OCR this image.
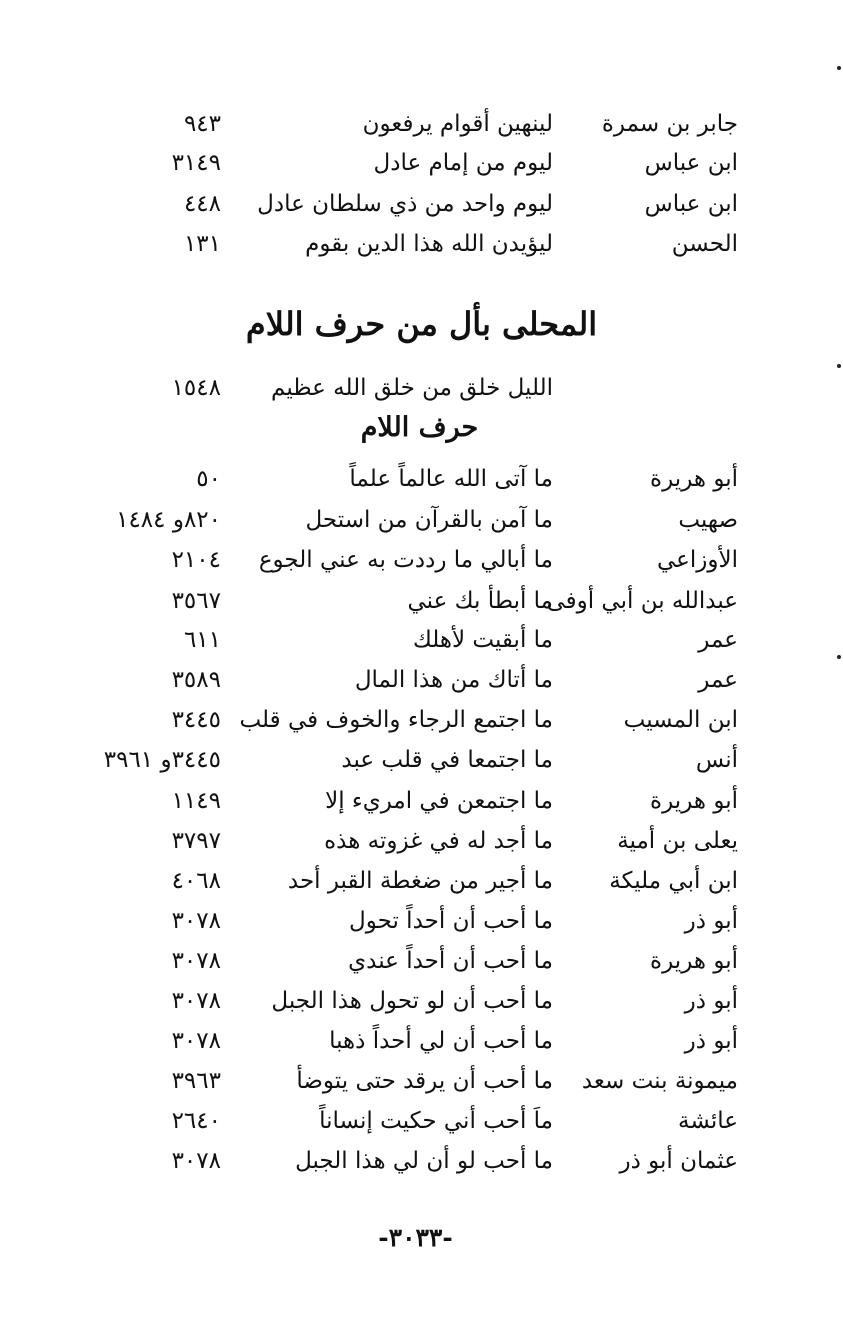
جابر بن سمرة
لينهين أقوام يرفعون
٩٤٣
ابن عباس
ليوم من إمام عادل
٣١٤٩
ابن عباس
ليوم واحد من ذي سلطان عادل
٤٤٨
الحسن
ليؤيدن الله هذا الدين بقوم
١٣١
المحلى بأل من حرف اللام
الليل خلق من خلق الله عظيم
١٥٤٨
حرف اللام
أبو هريرة
ما آتى الله عالماً علماً
٥٠
صهيب
ما آمن بالقرآن من استحل
٨٢٠و ١٤٨٤
الأوزاعي
ما أبالي ما رددت به عني الجوع
٢١٠٤
عبدالله بن أبي أوفى
ما أبطأ بك عني
٣٥٦٧
عمر
ما أبقيت لأهلك
٦١١
عمر
ما أتاك من هذا المال
٣٥٨٩
ابن المسيب
ما اجتمع الرجاء والخوف في قلب
٣٤٤٥
أنس
ما اجتمعا في قلب عبد
٣٤٤٥و ٣٩٦١
أبو هريرة
ما اجتمعن في امريء إلا
١١٤٩
يعلى بن أمية
ما أجد له في غزوته هذه
٣٧٩٧
ابن أبي مليكة
ما أجير من ضغطة القبر أحد
٤٠٦٨
أبو ذر
ما أحب أن أحداً تحول
٣٠٧٨
أبو هريرة
ما أحب أن أحداً عندي
٣٠٧٨
أبو ذر
ما أحب أن لو تحول هذا الجبل
٣٠٧٨
أبو ذر
ما أحب أن لي أحداً ذهبا
٣٠٧٨
ميمونة بنت سعد
ما أحب أن يرقد حتى يتوضأ
٣٩٦٣
عائشة
ماَ أحب أني حكيت إنساناً
٢٦٤٠
عثمان أبو ذر
ما أحب لو أن لي هذا الجبل
٣٠٧٨
-٣٠٣٣-
